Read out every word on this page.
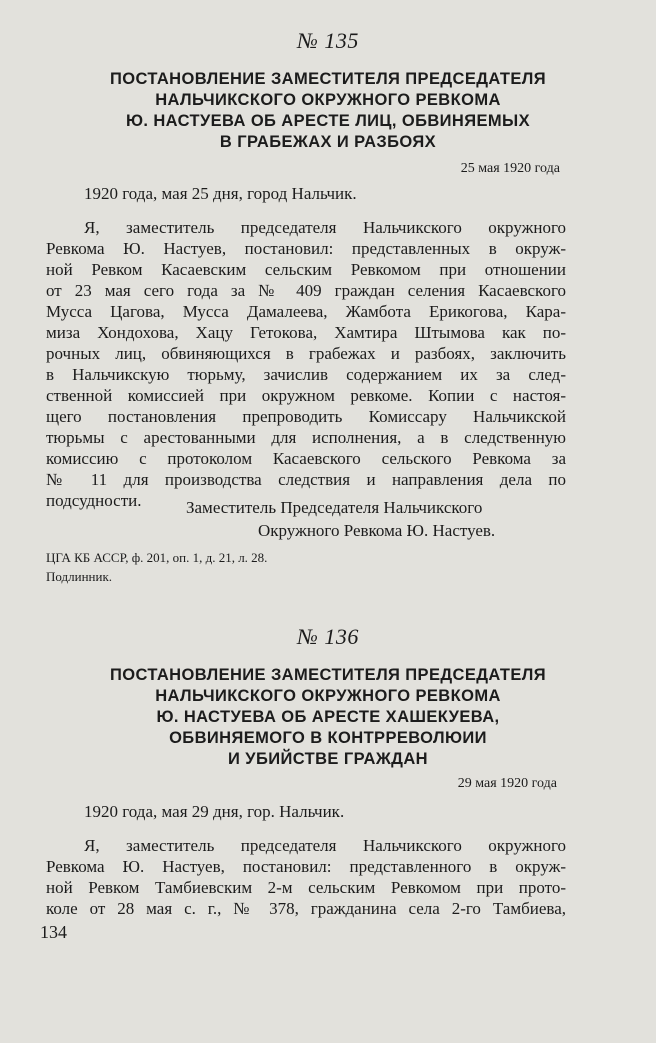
№ 135
ПОСТАНОВЛЕНИЕ ЗАМЕСТИТЕЛЯ ПРЕДСЕДАТЕЛЯ
НАЛЬЧИКСКОГО ОКРУЖНОГО РЕВКОМА
Ю. НАСТУЕВА ОБ АРЕСТЕ ЛИЦ, ОБВИНЯЕМЫХ
В ГРАБЕЖАХ И РАЗБОЯХ
25 мая 1920 года
1920 года, мая 25 дня, город Нальчик.
Я, заместитель председателя Нальчикского окружного
Ревкома Ю. Настуев, постановил: представленных в окруж-
ной Ревком Касаевским сельским Ревкомом при отношении
от 23 мая сего года за № 409 граждан селения Касаевского
Мусса Цагова, Мусса Дамалеева, Жамбота Ерикогова, Кара-
миза Хондохова, Хацу Гетокова, Хамтира Штымова как по-
рочных лиц, обвиняющихся в грабежах и разбоях, заключить
в Нальчикскую тюрьму, зачислив содержанием их за след-
ственной комиссией при окружном ревкоме. Копии с настоя-
щего постановления препроводить Комиссару Нальчикской
тюрьмы с арестованными для исполнения, а в следственную
комиссию с протоколом Касаевского сельского Ревкома за
№ 11 для производства следствия и направления дела по
подсудности.	Заместитель Председателя Нальчикского
Окружного Ревкома Ю. Настуев.
ЦГА КБ АССР, ф. 201, оп. 1, д. 21, л. 28.
Подлинник.
№ 136
ПОСТАНОВЛЕНИЕ ЗАМЕСТИТЕЛЯ ПРЕДСЕДАТЕЛЯ
НАЛЬЧИКСКОГО ОКРУЖНОГО РЕВКОМА
Ю. НАСТУЕВА ОБ АРЕСТЕ ХАШЕКУЕВА,
ОБВИНЯЕМОГО В КОНТРРЕВОЛЮИИ
И УБИЙСТВЕ ГРАЖДАН
29 мая 1920 года
1920 года, мая 29 дня, гор. Нальчик.
Я, заместитель председателя Нальчикского окружного
Ревкома Ю. Настуев, постановил: представленного в окруж-
ной Ревком Тамбиевским 2-м сельским Ревкомом при прото-
коле от 28 мая с. г., № 378, гражданина села 2-го Тамбиева,
134
